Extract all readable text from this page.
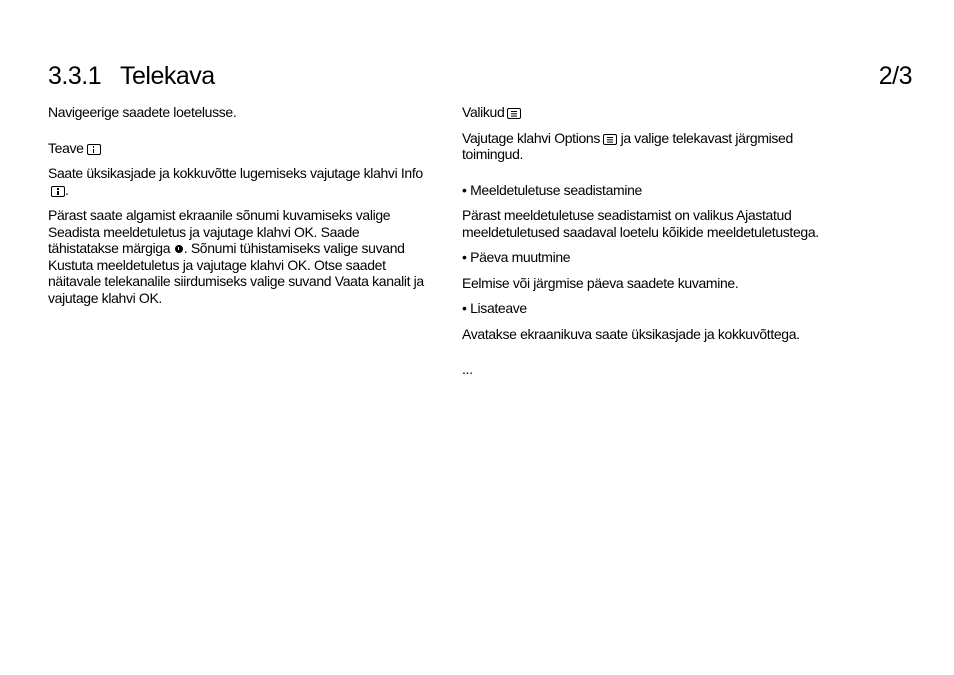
3.3.1 Telekava	2/3

Navigeerige saadete loetelusse.

Teave

Saate üksikasjade ja kokkuvõtte lugemiseks vajutage klahvi Info.

Pärast saate algamist ekraanile sõnumi kuvamiseks valige Seadista meeldetuletus ja vajutage klahvi OK. Saade tähistatakse märgiga . Sõnumi tühistamiseks valige suvand Kustuta meeldetuletus ja vajutage klahvi OK. Otse saadet näitavale telekanalile siirdumiseks valige suvand Vaata kanalit ja vajutage klahvi OK.

Valikud

Vajutage klahvi Options ja valige telekavast järgmised toimingud.

• Meeldetuletuse seadistamine

Pärast meeldetuletuse seadistamist on valikus Ajastatud meeldetuletused saadaval loetelu kõikide meeldetuletustega.

• Päeva muutmine

Eelmise või järgmise päeva saadete kuvamine.

• Lisateave

Avatakse ekraanikuva saate üksikasjade ja kokkuvõttega.

...
